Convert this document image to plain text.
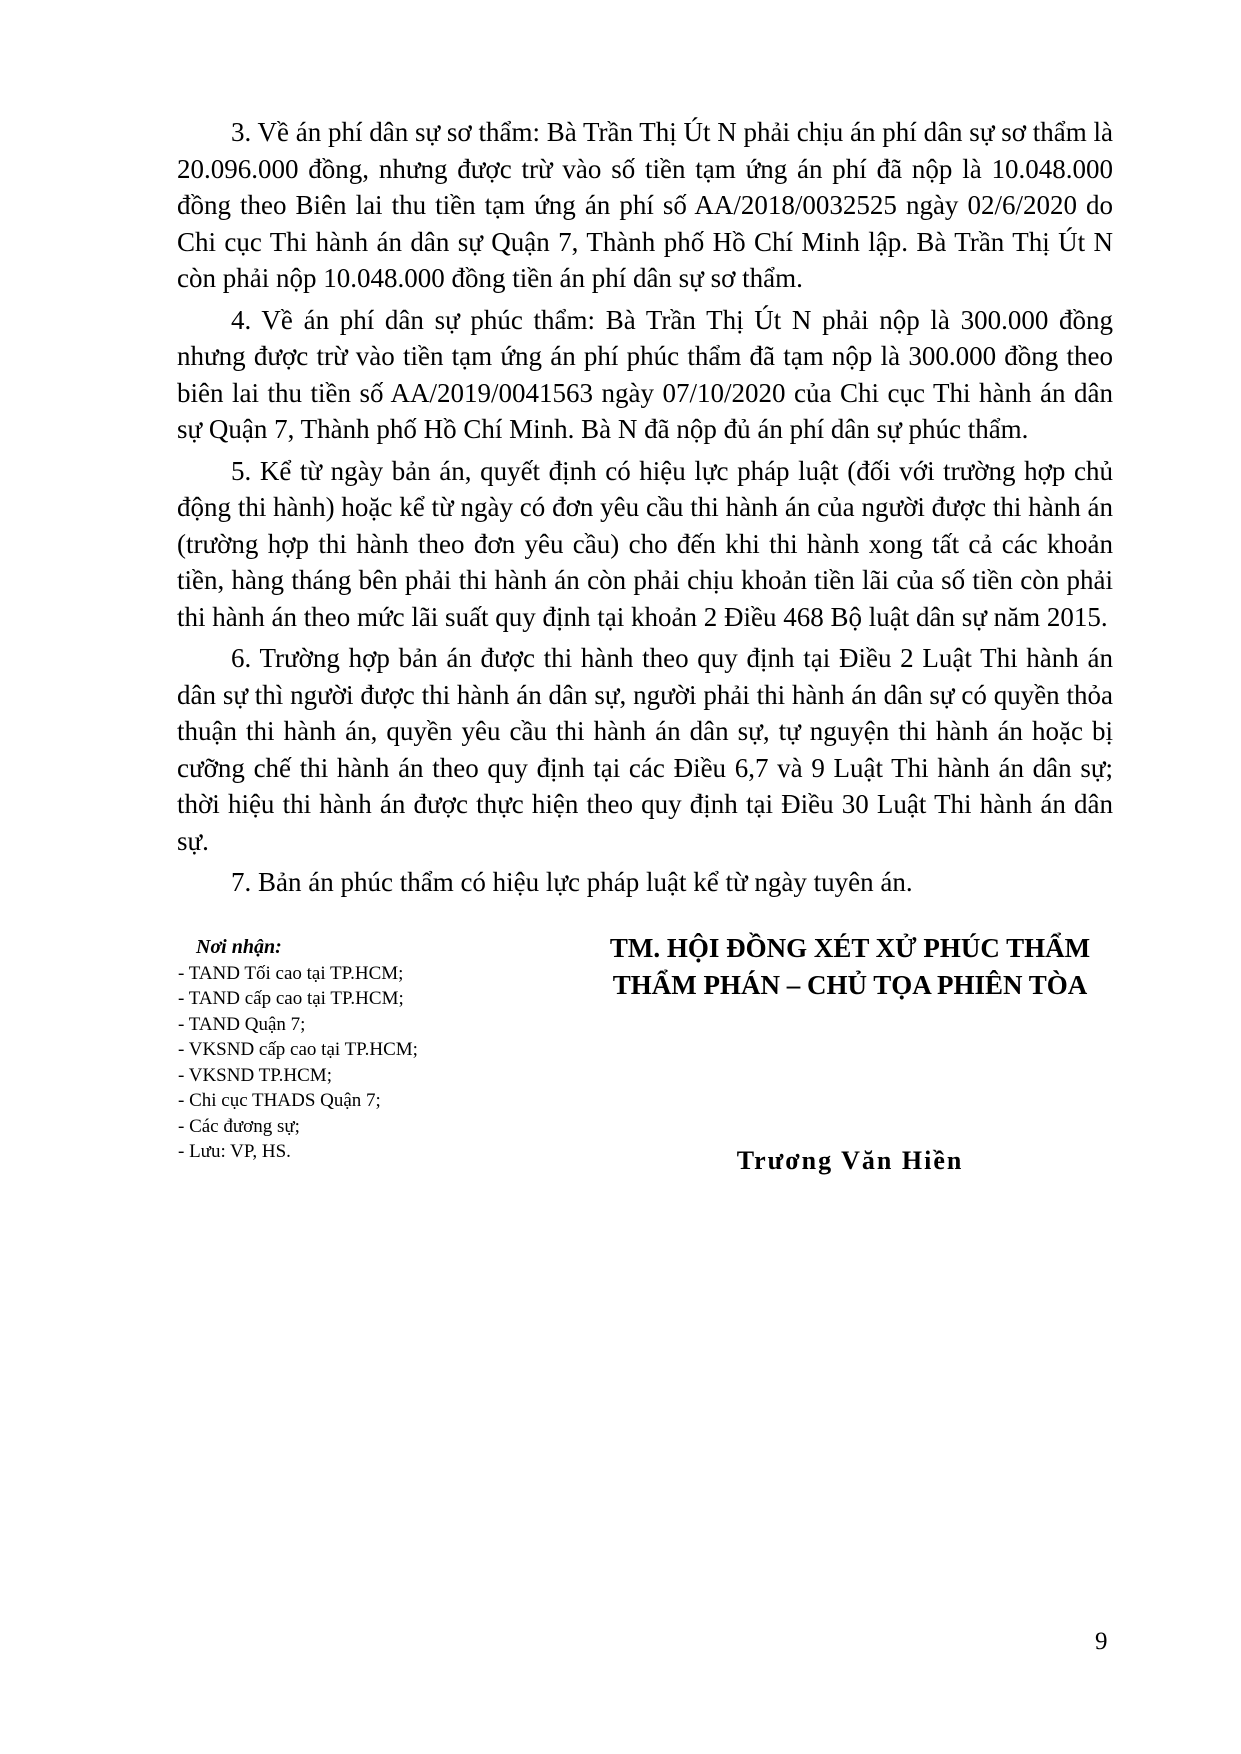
3. Về án phí dân sự sơ thẩm: Bà Trần Thị Út N phải chịu án phí dân sự sơ thẩm là 20.096.000 đồng, nhưng được trừ vào số tiền tạm ứng án phí đã nộp là 10.048.000 đồng theo Biên lai thu tiền tạm ứng án phí số AA/2018/0032525 ngày 02/6/2020 do Chi cục Thi hành án dân sự Quận 7, Thành phố Hồ Chí Minh lập. Bà Trần Thị Út N còn phải nộp 10.048.000 đồng tiền án phí dân sự sơ thẩm.

4. Về án phí dân sự phúc thẩm: Bà Trần Thị Út N phải nộp là 300.000 đồng nhưng được trừ vào tiền tạm ứng án phí phúc thẩm đã tạm nộp là 300.000 đồng theo biên lai thu tiền số AA/2019/0041563 ngày 07/10/2020 của Chi cục Thi hành án dân sự Quận 7, Thành phố Hồ Chí Minh. Bà N đã nộp đủ án phí dân sự phúc thẩm.

5. Kể từ ngày bản án, quyết định có hiệu lực pháp luật (đối với trường hợp chủ động thi hành) hoặc kể từ ngày có đơn yêu cầu thi hành án của người được thi hành án (trường hợp thi hành theo đơn yêu cầu) cho đến khi thi hành xong tất cả các khoản tiền, hàng tháng bên phải thi hành án còn phải chịu khoản tiền lãi của số tiền còn phải thi hành án theo mức lãi suất quy định tại khoản 2 Điều 468 Bộ luật dân sự năm 2015.

6. Trường hợp bản án được thi hành theo quy định tại Điều 2 Luật Thi hành án dân sự thì người được thi hành án dân sự, người phải thi hành án dân sự có quyền thỏa thuận thi hành án, quyền yêu cầu thi hành án dân sự, tự nguyện thi hành án hoặc bị cưỡng chế thi hành án theo quy định tại các Điều 6,7 và 9 Luật Thi hành án dân sự; thời hiệu thi hành án được thực hiện theo quy định tại Điều 30 Luật Thi hành án dân sự.

7. Bản án phúc thẩm có hiệu lực pháp luật kể từ ngày tuyên án.

Nơi nhận:
- TAND Tối cao tại TP.HCM;
- TAND cấp cao tại TP.HCM;
- TAND Quận 7;
- VKSND cấp cao tại TP.HCM;
- VKSND TP.HCM;
- Chi cục THADS Quận 7;
- Các đương sự;
- Lưu: VP, HS.

TM. HỘI ĐỒNG XÉT XỬ PHÚC THẨM

THẨM PHÁN – CHỦ TỌA PHIÊN TÒA

Trương Văn Hiền
9
